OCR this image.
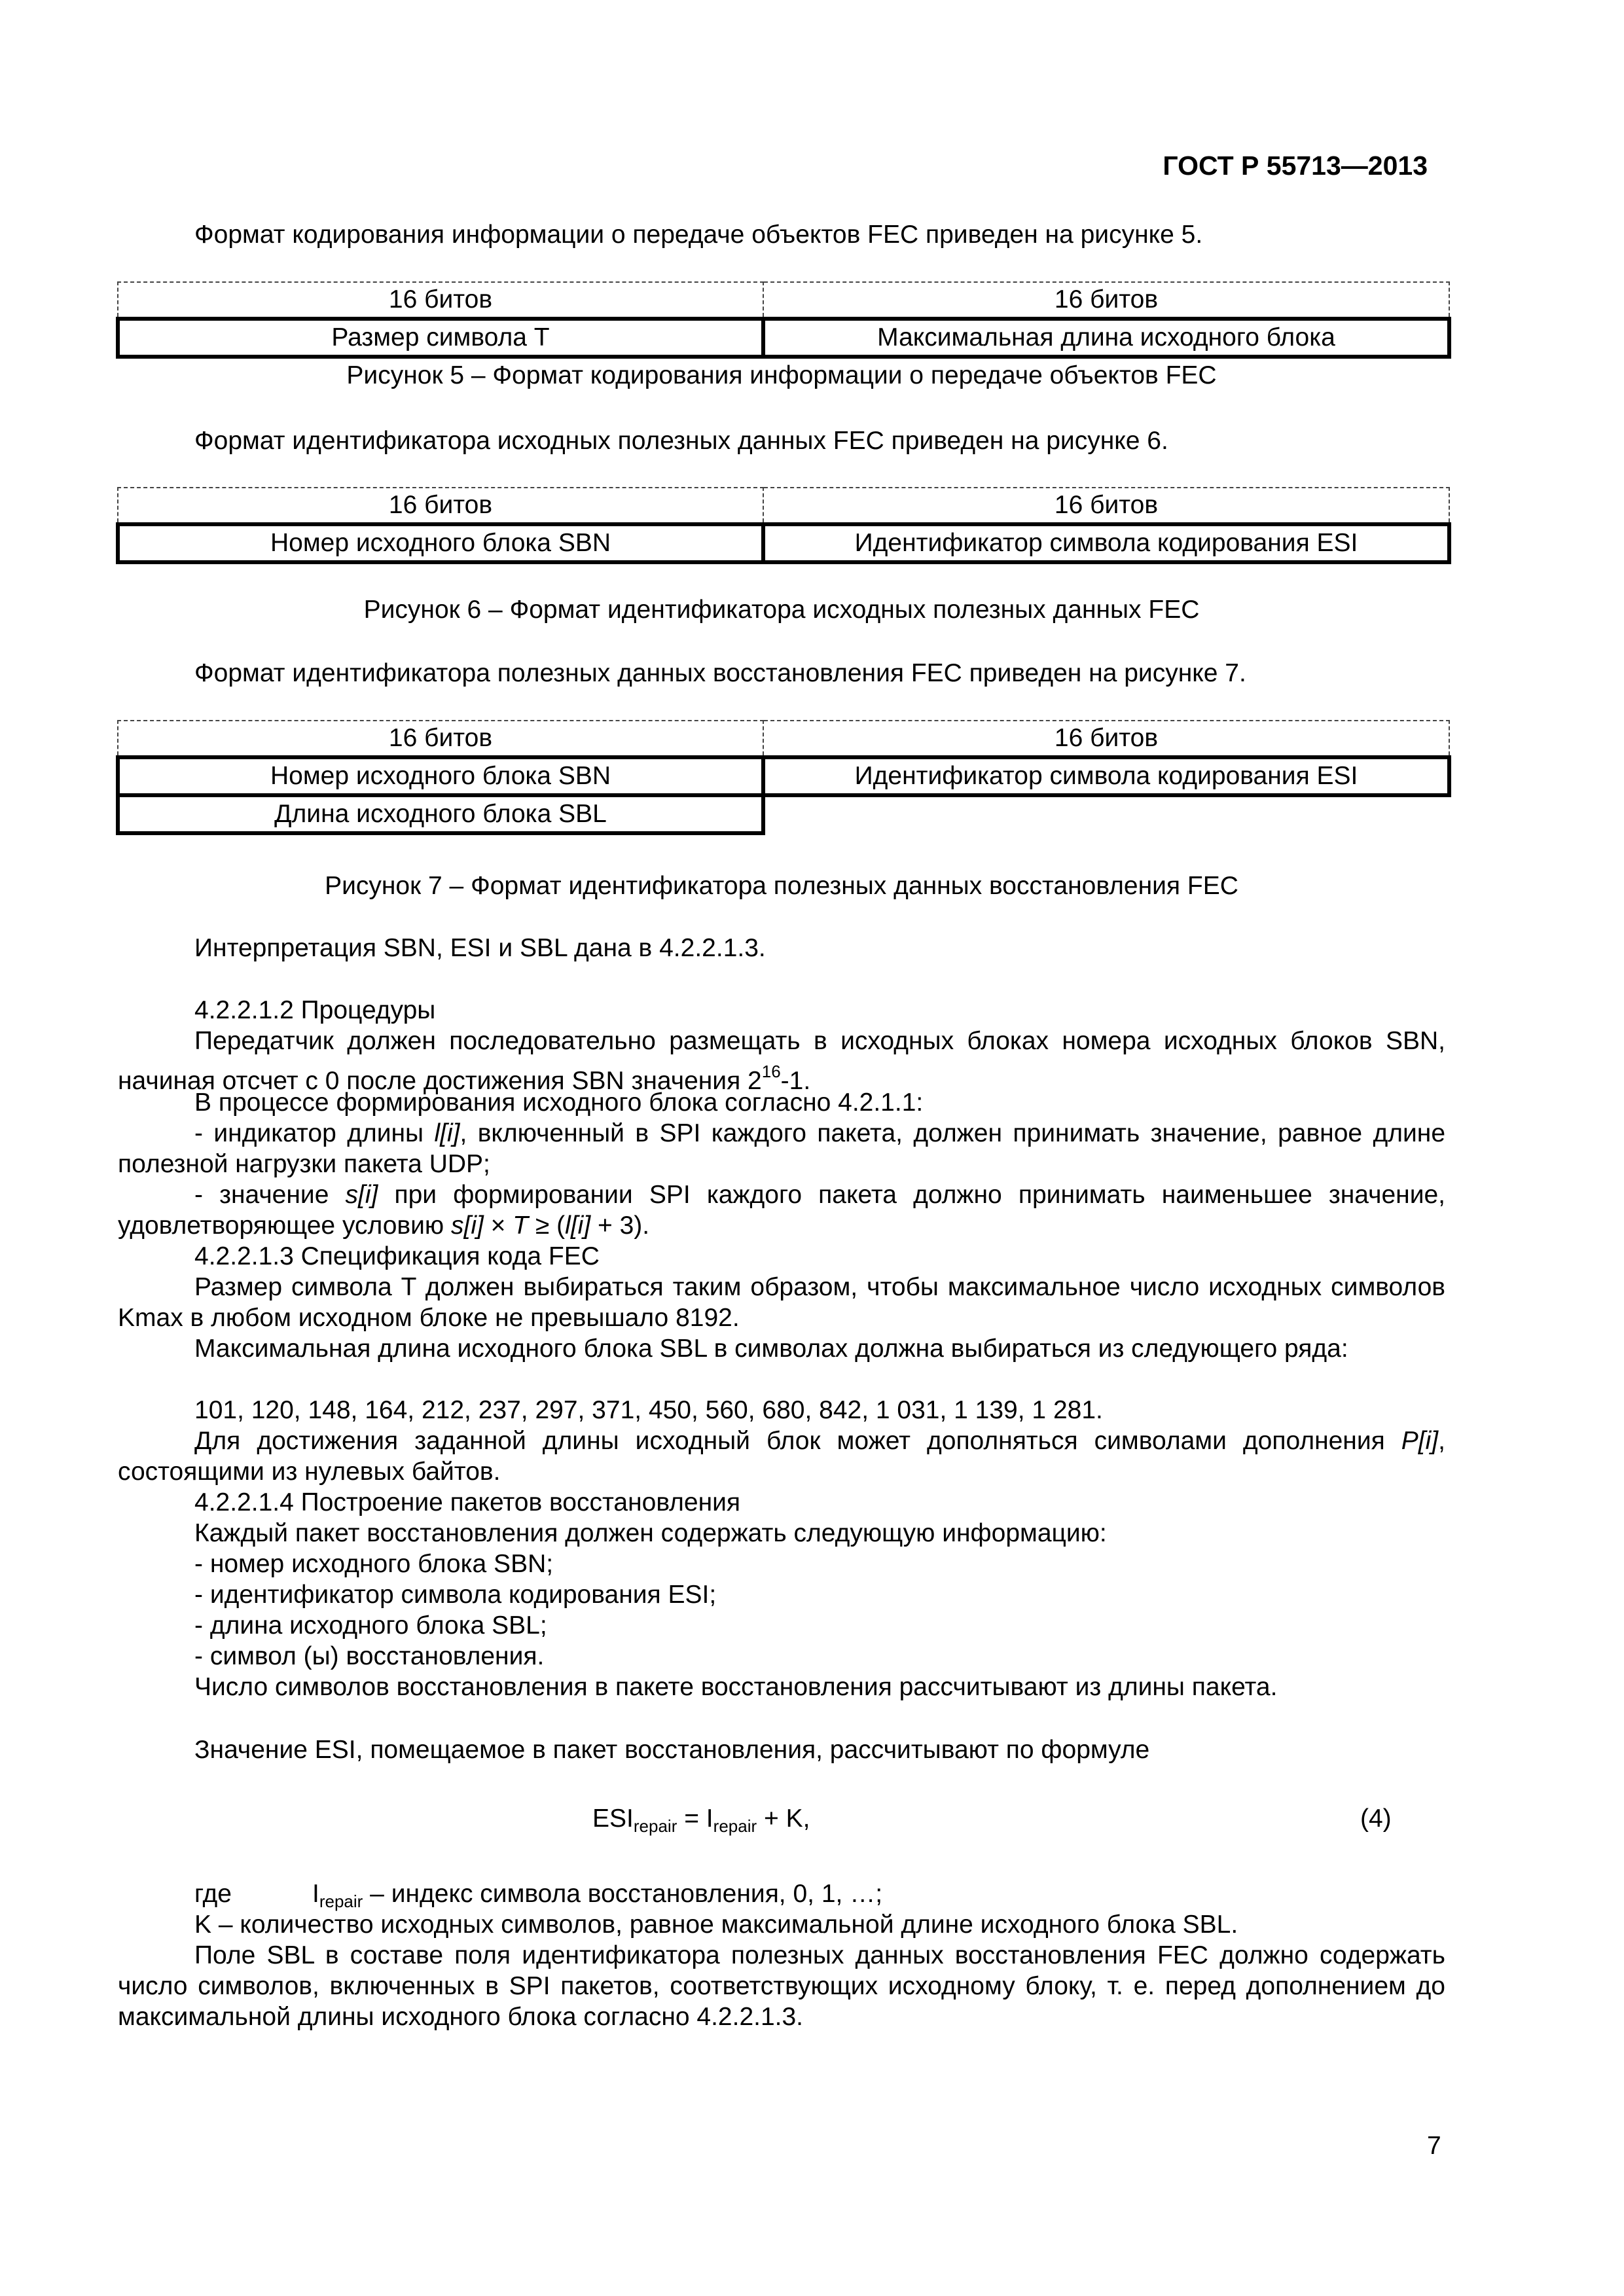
ГОСТ Р 55713—2013

Формат кодирования информации о передаче объектов FEC приведен на рисунке 5.

16 битов	16 битов
Размер символа T	Максимальная длина исходного блока

Рисунок 5 – Формат кодирования информации о передаче объектов FEC

Формат идентификатора исходных полезных данных FEC приведен на рисунке 6.

16 битов	16 битов
Номер исходного блока SBN	Идентификатор символа кодирования ESI

Рисунок 6 – Формат идентификатора исходных полезных данных FEC

Формат идентификатора полезных данных восстановления FEC приведен на рисунке 7.

16 битов	16 битов
Номер исходного блока SBN	Идентификатор символа кодирования ESI
Длина исходного блока SBL	

Рисунок 7 – Формат идентификатора полезных данных восстановления FEC

Интерпретация SBN, ESI и SBL дана в 4.2.2.1.3.

4.2.2.1.2 Процедуры

Передатчик должен последовательно размещать в исходных блоках номера исходных блоков SBN, начиная отсчет с 0 после достижения SBN значения $2^{16}-1$.

В процессе формирования исходного блока согласно 4.2.1.1:

- индикатор длины l[i], включенный в SPI каждого пакета, должен принимать значение, равное длине полезной нагрузки пакета UDP;

- значение s[i] при формировании SPI каждого пакета должно принимать наименьшее значение, удовлетворяющее условию s[i] × T ≥ (l[i] + 3).

4.2.2.1.3 Спецификация кода FEC

Размер символа T должен выбираться таким образом, чтобы максимальное число исходных символов Kmax в любом исходном блоке не превышало 8192.

Максимальная длина исходного блока SBL в символах должна выбираться из следующего ряда:

101, 120, 148, 164, 212, 237, 297, 371, 450, 560, 680, 842, 1 031, 1 139, 1 281.

Для достижения заданной длины исходный блок может дополняться символами дополнения P[i], состоящими из нулевых байтов.

4.2.2.1.4 Построение пакетов восстановления

Каждый пакет восстановления должен содержать следующую информацию:

- номер исходного блока SBN;

- идентификатор символа кодирования ESI;

- длина исходного блока SBL;

- символ (ы) восстановления.

Число символов восстановления в пакете восстановления рассчитывают из длины пакета.

Значение ESI, помещаемое в пакет восстановления, рассчитывают по формуле

$ESI_{repair} = I_{repair} + K$,	(4)
где	$I_{repair}$ – индекс символа восстановления, 0, 1, …;

K – количество исходных символов, равное максимальной длине исходного блока SBL.

Поле SBL в составе поля идентификатора полезных данных восстановления FEC должно содержать число символов, включенных в SPI пакетов, соответствующих исходному блоку, т. е. перед дополнением до максимальной длины исходного блока согласно 4.2.2.1.3.

7
